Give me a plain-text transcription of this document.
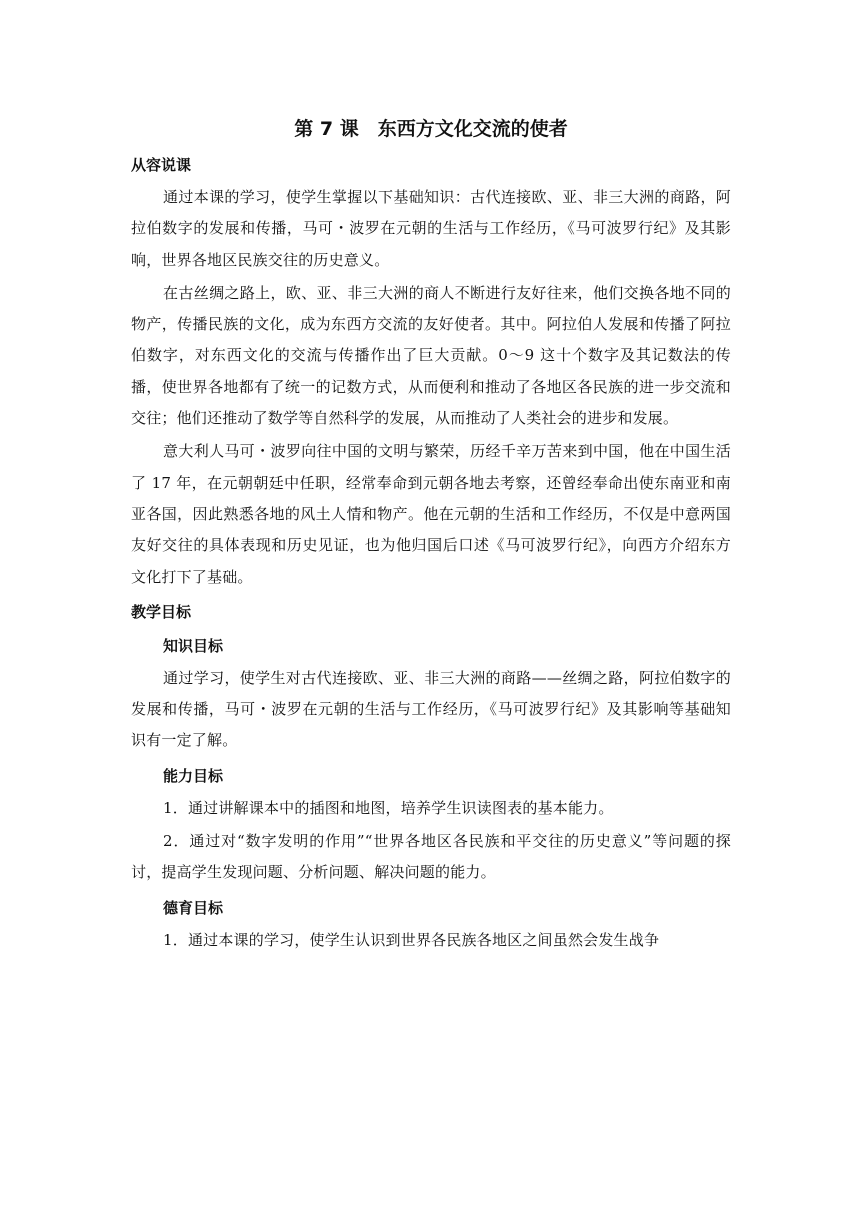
第 7 课　东西方文化交流的使者
从容说课

通过本课的学习，使学生掌握以下基础知识：古代连接欧、亚、非三大洲的商路，阿拉伯数字的发展和传播，马可・波罗在元朝的生活与工作经历，《马可波罗行纪》及其影响，世界各地区民族交往的历史意义。

在古丝绸之路上，欧、亚、非三大洲的商人不断进行友好往来，他们交换各地不同的物产，传播民族的文化，成为东西方交流的友好使者。其中。阿拉伯人发展和传播了阿拉伯数字，对东西文化的交流与传播作出了巨大贡献。0～9 这十个数字及其记数法的传播，使世界各地都有了统一的记数方式，从而便利和推动了各地区各民族的进一步交流和交往；他们还推动了数学等自然科学的发展，从而推动了人类社会的进步和发展。

意大利人马可・波罗向往中国的文明与繁荣，历经千辛万苦来到中国，他在中国生活了 17 年，在元朝朝廷中任职，经常奉命到元朝各地去考察，还曾经奉命出使东南亚和南亚各国，因此熟悉各地的风土人情和物产。他在元朝的生活和工作经历，不仅是中意两国友好交往的具体表现和历史见证，也为他归国后口述《马可波罗行纪》，向西方介绍东方文化打下了基础。

教学目标
知识目标

通过学习，使学生对古代连接欧、亚、非三大洲的商路——丝绸之路，阿拉伯数字的发展和传播，马可・波罗在元朝的生活与工作经历，《马可波罗行纪》及其影响等基础知识有一定了解。

能力目标

1．通过讲解课本中的插图和地图，培养学生识读图表的基本能力。

2．通过对“数字发明的作用”“世界各地区各民族和平交往的历史意义”等问题的探讨，提高学生发现问题、分析问题、解决问题的能力。

德育目标

1．通过本课的学习，使学生认识到世界各民族各地区之间虽然会发生战争
